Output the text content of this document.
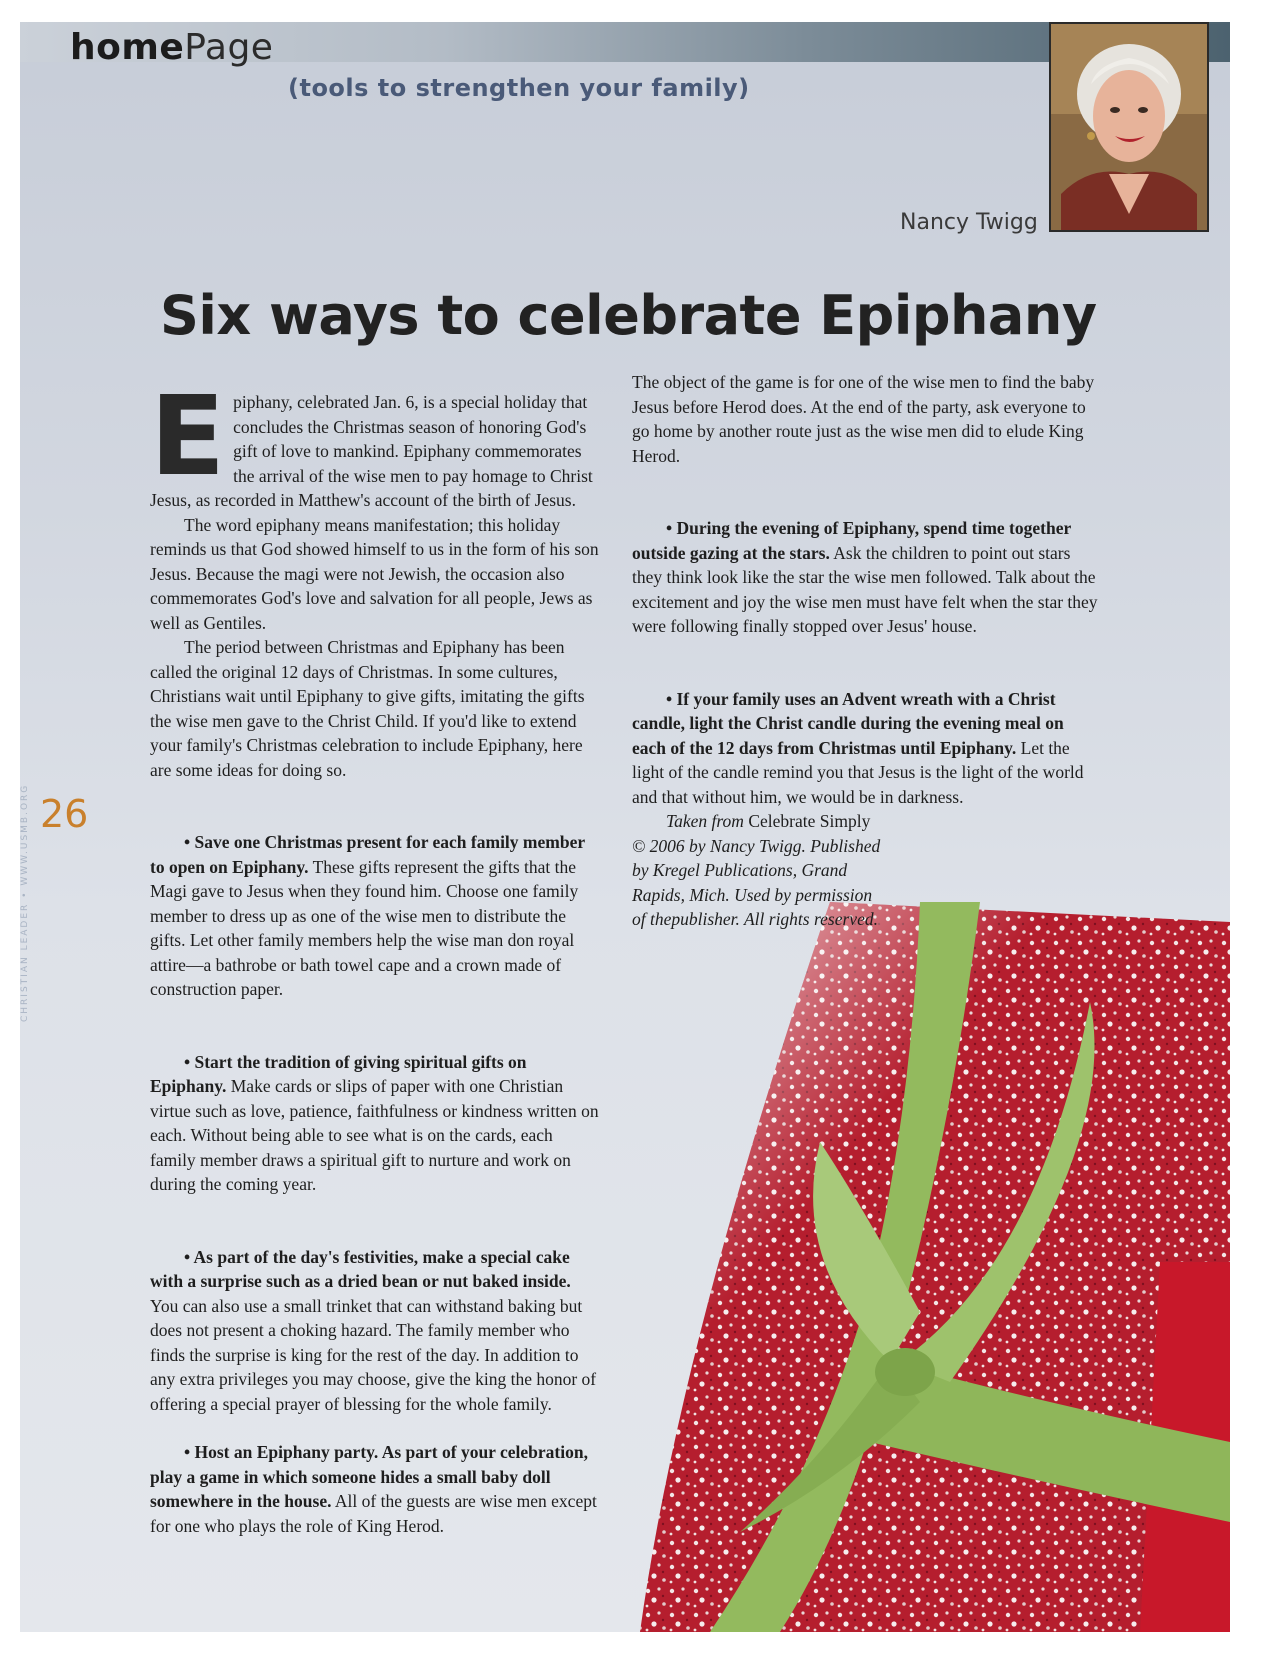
homePage
(tools to strengthen your family)
Nancy Twigg
CHRISTIAN LEADER • WWW.USMB.ORG 26
Six ways to celebrate Epiphany

Epiphany, celebrated Jan. 6, is a special holiday that concludes the Christmas season of honoring God's gift of love to mankind. Epiphany commemorates the arrival of the wise men to pay homage to Christ Jesus, as recorded in Matthew's account of the birth of Jesus.

The word epiphany means manifestation; this holiday reminds us that God showed himself to us in the form of his son Jesus. Because the magi were not Jewish, the occasion also commemorates God's love and salvation for all people, Jews as well as Gentiles.

The period between Christmas and Epiphany has been called the original 12 days of Christmas. In some cultures, Christians wait until Epiphany to give gifts, imitating the gifts the wise men gave to the Christ Child. If you'd like to extend your family's Christmas celebration to include Epiphany, here are some ideas for doing so.

• Save one Christmas present for each family member to open on Epiphany. These gifts represent the gifts that the Magi gave to Jesus when they found him. Choose one family member to dress up as one of the wise men to distribute the gifts. Let other family members help the wise man don royal attire—a bathrobe or bath towel cape and a crown made of construction paper.

• Start the tradition of giving spiritual gifts on Epiphany. Make cards or slips of paper with one Christian virtue such as love, patience, faithfulness or kindness written on each. Without being able to see what is on the cards, each family member draws a spiritual gift to nurture and work on during the coming year.

• As part of the day's festivities, make a special cake with a surprise such as a dried bean or nut baked inside. You can also use a small trinket that can withstand baking but does not present a choking hazard. The family member who finds the surprise is king for the rest of the day. In addition to any extra privileges you may choose, give the king the honor of offering a special prayer of blessing for the whole family.

• Host an Epiphany party. As part of your celebration, play a game in which someone hides a small baby doll somewhere in the house. All of the guests are wise men except for one who plays the role of King Herod.

The object of the game is for one of the wise men to find the baby Jesus before Herod does. At the end of the party, ask everyone to go home by another route just as the wise men did to elude King Herod.

• During the evening of Epiphany, spend time together outside gazing at the stars. Ask the children to point out stars they think look like the star the wise men followed. Talk about the excitement and joy the wise men must have felt when the star they were following finally stopped over Jesus' house.

• If your family uses an Advent wreath with a Christ candle, light the Christ candle during the evening meal on each of the 12 days from Christmas until Epiphany. Let the light of the candle remind you that Jesus is the light of the world and that without him, we would be in darkness.

Taken from Celebrate Simply © 2006 by Nancy Twigg. Published by Kregel Publications, Grand Rapids, Mich. Used by permission of thepublisher. All rights reserved.
